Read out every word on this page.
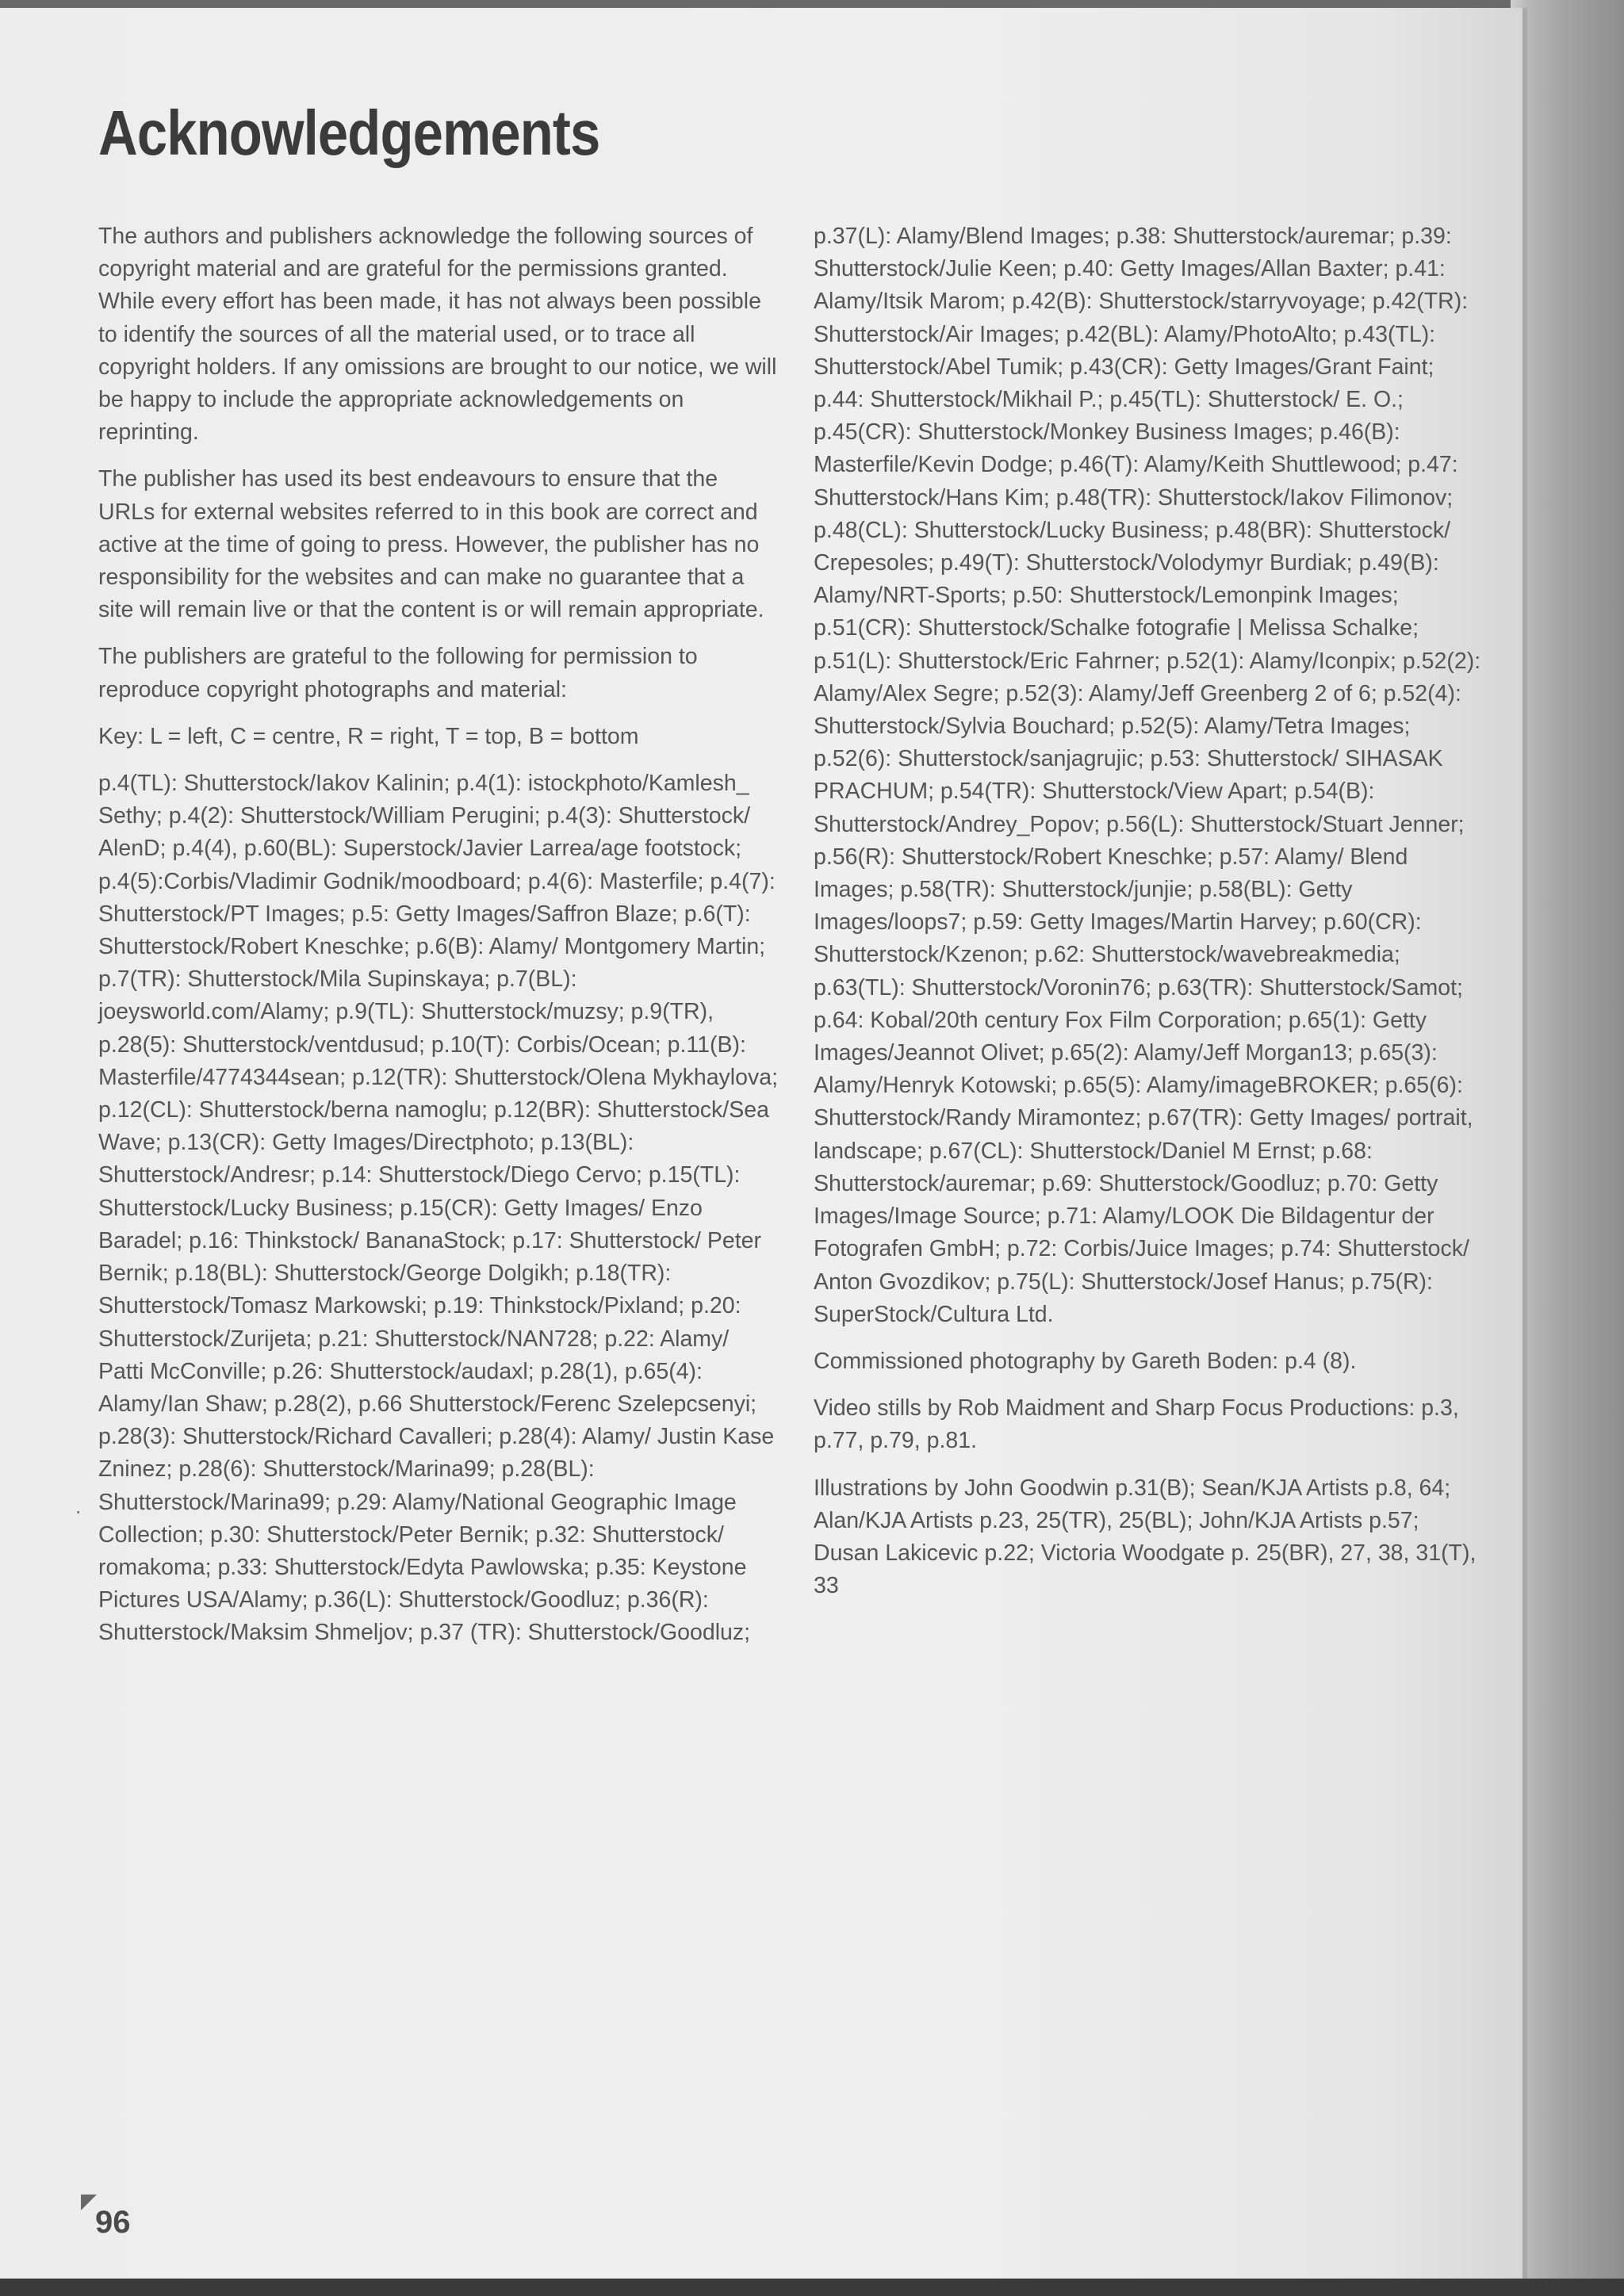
Acknowledgements

The authors and publishers acknowledge the following sources of copyright material and are grateful for the permissions granted. While every effort has been made, it has not always been possible to identify the sources of all the material used, or to trace all copyright holders. If any omissions are brought to our notice, we will be happy to include the appropriate acknowledgements on reprinting.

The publisher has used its best endeavours to ensure that the URLs for external websites referred to in this book are correct and active at the time of going to press. However, the publisher has no responsibility for the websites and can make no guarantee that a site will remain live or that the content is or will remain appropriate.

The publishers are grateful to the following for permission to reproduce copyright photographs and material:

Key: L = left, C = centre, R = right, T = top, B = bottom

p.4(TL): Shutterstock/Iakov Kalinin; p.4(1): istockphoto/Kamlesh_ Sethy; p.4(2): Shutterstock/William Perugini; p.4(3): Shutterstock/ AlenD; p.4(4), p.60(BL): Superstock/Javier Larrea/age footstock; p.4(5):Corbis/Vladimir Godnik/moodboard; p.4(6): Masterfile; p.4(7): Shutterstock/PT Images; p.5: Getty Images/Saffron Blaze; p.6(T): Shutterstock/Robert Kneschke; p.6(B): Alamy/ Montgomery Martin; p.7(TR): Shutterstock/Mila Supinskaya; p.7(BL): joeysworld.com/Alamy; p.9(TL): Shutterstock/muzsy; p.9(TR), p.28(5): Shutterstock/ventdusud; p.10(T): Corbis/Ocean; p.11(B): Masterfile/4774344sean; p.12(TR): Shutterstock/Olena Mykhaylova; p.12(CL): Shutterstock/berna namoglu; p.12(BR): Shutterstock/Sea Wave; p.13(CR): Getty Images/Directphoto; p.13(BL): Shutterstock/Andresr; p.14: Shutterstock/Diego Cervo; p.15(TL): Shutterstock/Lucky Business; p.15(CR): Getty Images/ Enzo Baradel; p.16: Thinkstock/ BananaStock; p.17: Shutterstock/ Peter Bernik; p.18(BL): Shutterstock/George Dolgikh; p.18(TR): Shutterstock/Tomasz Markowski; p.19: Thinkstock/Pixland; p.20: Shutterstock/Zurijeta; p.21: Shutterstock/NAN728; p.22: Alamy/ Patti McConville; p.26: Shutterstock/audaxl; p.28(1), p.65(4): Alamy/Ian Shaw; p.28(2), p.66 Shutterstock/Ferenc Szelepcsenyi; p.28(3): Shutterstock/Richard Cavalleri; p.28(4): Alamy/ Justin Kase Zninez; p.28(6): Shutterstock/Marina99; p.28(BL): Shutterstock/Marina99; p.29: Alamy/National Geographic Image Collection; p.30: Shutterstock/Peter Bernik; p.32: Shutterstock/ romakoma; p.33: Shutterstock/Edyta Pawlowska; p.35: Keystone Pictures USA/Alamy; p.36(L): Shutterstock/Goodluz; p.36(R): Shutterstock/Maksim Shmeljov; p.37 (TR): Shutterstock/Goodluz;

·

p.37(L): Alamy/Blend Images; p.38: Shutterstock/auremar; p.39: Shutterstock/Julie Keen; p.40: Getty Images/Allan Baxter; p.41: Alamy/Itsik Marom; p.42(B): Shutterstock/starryvoyage; p.42(TR): Shutterstock/Air Images; p.42(BL): Alamy/PhotoAlto; p.43(TL): Shutterstock/Abel Tumik; p.43(CR): Getty Images/Grant Faint; p.44: Shutterstock/Mikhail P.; p.45(TL): Shutterstock/ E. O.; p.45(CR): Shutterstock/Monkey Business Images; p.46(B): Masterfile/Kevin Dodge; p.46(T): Alamy/Keith Shuttlewood; p.47: Shutterstock/Hans Kim; p.48(TR): Shutterstock/Iakov Filimonov; p.48(CL): Shutterstock/Lucky Business; p.48(BR): Shutterstock/ Crepesoles; p.49(T): Shutterstock/Volodymyr Burdiak; p.49(B): Alamy/NRT-Sports; p.50: Shutterstock/Lemonpink Images; p.51(CR): Shutterstock/Schalke fotografie | Melissa Schalke; p.51(L): Shutterstock/Eric Fahrner; p.52(1): Alamy/Iconpix; p.52(2): Alamy/Alex Segre; p.52(3): Alamy/Jeff Greenberg 2 of 6; p.52(4): Shutterstock/Sylvia Bouchard; p.52(5): Alamy/Tetra Images; p.52(6): Shutterstock/sanjagrujic; p.53: Shutterstock/ SIHASAK PRACHUM; p.54(TR): Shutterstock/View Apart; p.54(B): Shutterstock/Andrey_Popov; p.56(L): Shutterstock/Stuart Jenner; p.56(R): Shutterstock/Robert Kneschke; p.57: Alamy/ Blend Images; p.58(TR): Shutterstock/junjie; p.58(BL): Getty Images/loops7; p.59: Getty Images/Martin Harvey; p.60(CR): Shutterstock/Kzenon; p.62: Shutterstock/wavebreakmedia; p.63(TL): Shutterstock/Voronin76; p.63(TR): Shutterstock/Samot; p.64: Kobal/20th century Fox Film Corporation; p.65(1): Getty Images/Jeannot Olivet; p.65(2): Alamy/Jeff Morgan13; p.65(3): Alamy/Henryk Kotowski; p.65(5): Alamy/imageBROKER; p.65(6): Shutterstock/Randy Miramontez; p.67(TR): Getty Images/ portrait, landscape; p.67(CL): Shutterstock/Daniel M Ernst; p.68: Shutterstock/auremar; p.69: Shutterstock/Goodluz; p.70: Getty Images/Image Source; p.71: Alamy/LOOK Die Bildagentur der Fotografen GmbH; p.72: Corbis/Juice Images; p.74: Shutterstock/ Anton Gvozdikov; p.75(L): Shutterstock/Josef Hanus; p.75(R): SuperStock/Cultura Ltd.

Commissioned photography by Gareth Boden: p.4 (8).

Video stills by Rob Maidment and Sharp Focus Productions: p.3, p.77, p.79, p.81.

Illustrations by John Goodwin p.31(B); Sean/KJA Artists p.8, 64; Alan/KJA Artists p.23, 25(TR), 25(BL); John/KJA Artists p.57; Dusan Lakicevic p.22; Victoria Woodgate p. 25(BR), 27, 38, 31(T), 33

96
